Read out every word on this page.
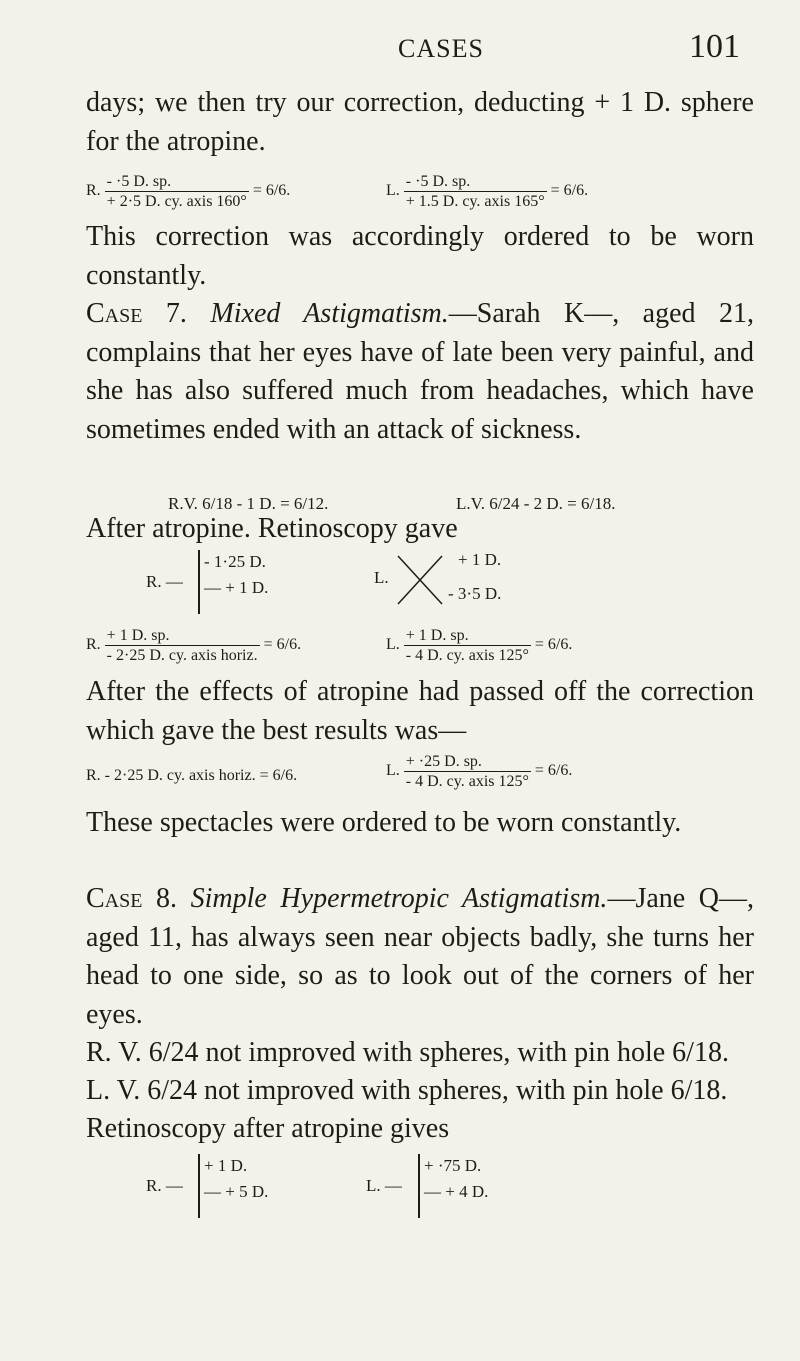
CASES	101
days; we then try our correction, deducting + 1 D. sphere for the atropine.
R. $\frac{- \cdot 5 D. sp.}{\text{+ 2·5 D. cy. axis 160°}} = 6/6$.	L. $\frac{- \cdot 5 D. sp.}{\text{+ 1.5 D. cy. axis 165°}} = 6/6$.
This correction was accordingly ordered to be worn constantly.
Case 7. Mixed Astigmatism.—Sarah K—, aged 21, complains that her eyes have of late been very painful, and she has also suffered much from headaches, which have sometimes ended with an attack of sickness.
R.V. 6/18 - 1 D. = 6/12.	L.V. 6/24 - 2 D. = 6/18.
After atropine. Retinoscopy gave
R. —
- 1·25 D.
— + 1 D.
L.
+ 1 D.
- 3·5 D.
R. $\frac{+ 1 D. sp.}{\text{- 2·25 D. cy. axis horiz.}} = 6/6$.	L. $\frac{+ 1 D. sp.}{\text{- 4 D. cy. axis 125°}} = 6/6$.
After the effects of atropine had passed off the correction which gave the best results was—
R. - 2·25 D. cy. axis horiz. = 6/6.	L. $\frac{+ \cdot 25 D. sp.}{\text{- 4 D. cy. axis 125°}} = 6/6$.
These spectacles were ordered to be worn constantly.
Case 8. Simple Hypermetropic Astigmatism.—Jane Q—, aged 11, has always seen near objects badly, she turns her head to one side, so as to look out of the corners of her eyes.
R. V. 6/24 not improved with spheres, with pin hole 6/18.
L. V. 6/24 not improved with spheres, with pin hole 6/18.
Retinoscopy after atropine gives
R. —
+ 1 D.
— + 5 D.	L. —
+ ·75 D.
— + 4 D.
